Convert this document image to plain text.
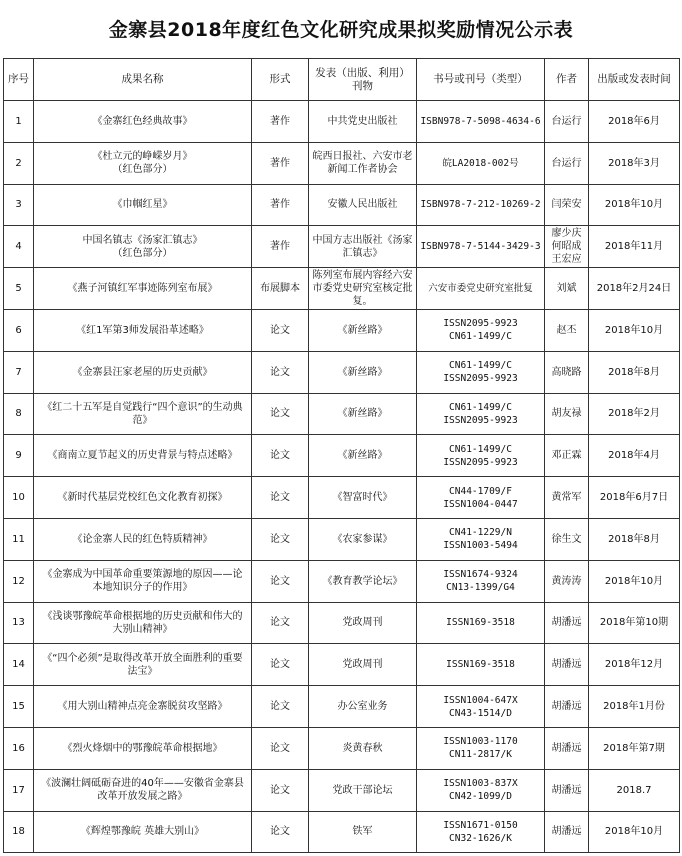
金寨县2018年度红色文化研究成果拟奖励情况公示表
序号	成果名称	形式	发表（出版、利用）刊物	书号或刊号（类型）	作者	出版或发表时间
1	《金寨红色经典故事》	著作	中共党史出版社	ISBN978-7-5098-4634-6	台运行	2018年6月
2	《杜立元的峥嵘岁月》
（红色部分）	著作	皖西日报社、六安市老新闻工作者协会	皖LA2018-002号	台运行	2018年3月
3	《巾帼红星》	著作	安徽人民出版社	ISBN978-7-212-10269-2	闫荣安	2018年10月
4	中国名镇志《汤家汇镇志》
（红色部分）	著作	中国方志出版社《汤家汇镇志》	ISBN978-7-5144-3429-3	廖少庆
何昭成
王宏应	2018年11月
5	《燕子河镇红军事迹陈列室布展》	布展脚本	陈列室布展内容经六安市委党史研究室核定批复。	六安市委党史研究室批复	刘斌	2018年2月24日
6	《红1军第3师发展沿革述略》	论文	《新丝路》	ISSN2095-9923
CN61-1499/C	赵丕	2018年10月
7	《金寨县汪家老屋的历史贡献》	论文	《新丝路》	CN61-1499/C
ISSN2095-9923	高晓路	2018年8月
8	《红二十五军是自觉践行“四个意识”的生动典范》	论文	《新丝路》	CN61-1499/C
ISSN2095-9923	胡友禄	2018年2月
9	《商南立夏节起义的历史背景与特点述略》	论文	《新丝路》	CN61-1499/C
ISSN2095-9923	邓正霖	2018年4月
10	《新时代基层党校红色文化教育初探》	论文	《智富时代》	CN44-1709/F
ISSN1004-0447	黄常军	2018年6月7日
11	《论金寨人民的红色特质精神》	论文	《农家参谋》	CN41-1229/N
ISSN1003-5494	徐生文	2018年8月
12	《金寨成为中国革命重要策源地的原因——论本地知识分子的作用》	论文	《教育教学论坛》	ISSN1674-9324
CN13-1399/G4	黄涛涛	2018年10月
13	《浅谈鄂豫皖革命根据地的历史贡献和伟大的大别山精神》	论文	党政周刊	ISSN169-3518	胡潘远	2018年第10期
14	《“四个必须”是取得改革开放全面胜利的重要法宝》	论文	党政周刊	ISSN169-3518	胡潘远	2018年12月
15	《用大别山精神点亮金寨脱贫攻坚路》	论文	办公室业务	ISSN1004-647X
CN43-1514/D	胡潘远	2018年1月份
16	《烈火烽烟中的鄂豫皖革命根据地》	论文	炎黄春秋	ISSN1003-1170
CN11-2817/K	胡潘远	2018年第7期
17	《波澜壮阔砥砺奋进的40年——安徽省金寨县改革开放发展之路》	论文	党政干部论坛	ISSN1003-837X
CN42-1099/D	胡潘远	2018.7
18	《辉煌鄂豫皖 英雄大别山》	论文	铁军	ISSN1671-0150
CN32-1626/K	胡潘远	2018年10月
